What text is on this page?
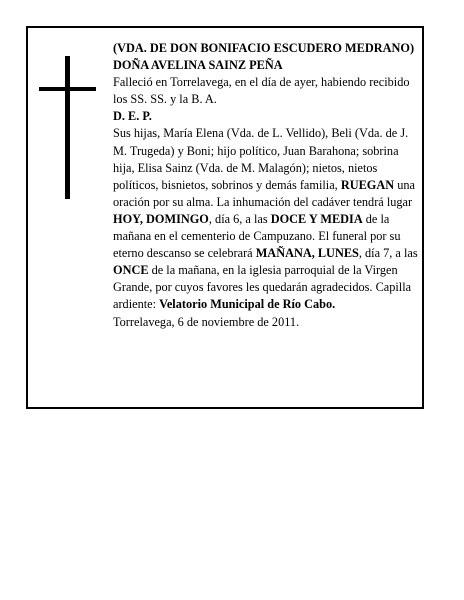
(VDA. DE DON BONIFACIO ESCUDERO MEDRANO)

DOÑA AVELINA SAINZ PEÑA

Falleció en Torrelavega, en el día de ayer, habiendo recibido los SS. SS. y la B. A.

D. E. P.

Sus hijas, María Elena (Vda. de L. Vellido), Beli (Vda. de J. M. Trugeda) y Boni; hijo político, Juan Barahona; sobrina hija, Elisa Sainz (Vda. de M. Malagón); nietos, nietos políticos, bisnietos, sobrinos y demás familia, RUEGAN una oración por su alma. La inhumación del cadáver tendrá lugar HOY, DOMINGO, día 6, a las DOCE Y MEDIA de la mañana en el cementerio de Campuzano. El funeral por su eterno descanso se celebrará MAÑANA, LUNES, día 7, a las ONCE de la mañana, en la iglesia parroquial de la Virgen Grande, por cuyos favores les quedarán agradecidos. Capilla ardiente: Velatorio Municipal de Río Cabo.

Torrelavega, 6 de noviembre de 2011.
